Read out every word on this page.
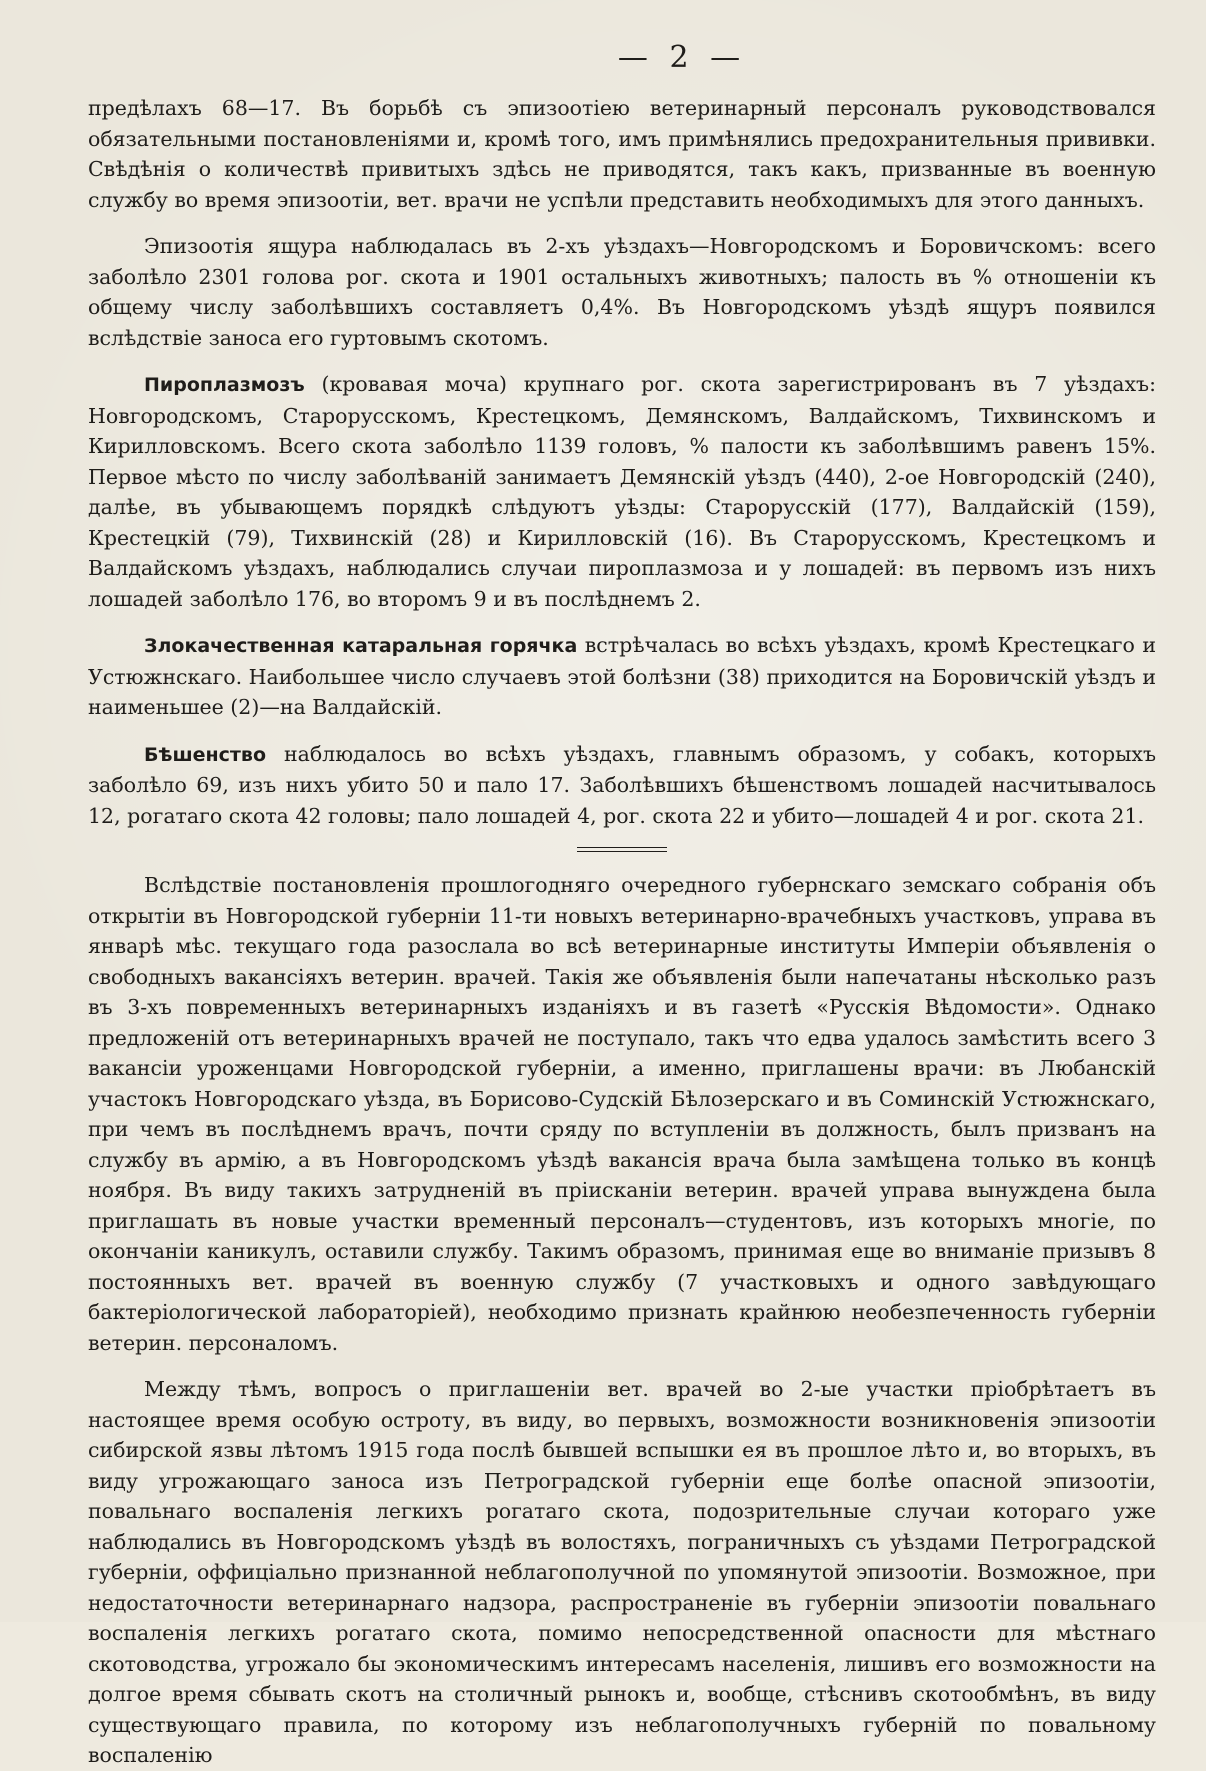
— 2 —

предѣлахъ 68—17. Въ борьбѣ съ эпизоотіею ветеринарный персоналъ руководствовался обязательными постановленіями и, кромѣ того, имъ примѣнялись предохранительныя прививки. Свѣдѣнія о количествѣ привитыхъ здѣсь не приводятся, такъ какъ, призванные въ военную службу во время эпизоотіи, вет. врачи не успѣли представить необходимыхъ для этого данныхъ.

Эпизоотія ящура наблюдалась въ 2-хъ уѣздахъ—Новгородскомъ и Боровичскомъ: всего заболѣло 2301 голова рог. скота и 1901 остальныхъ животныхъ; палость въ % отношеніи къ общему числу заболѣвшихъ составляетъ 0,4%. Въ Новгородскомъ уѣздѣ ящуръ появился вслѣдствіе заноса его гуртовымъ скотомъ.

Пироплазмозъ (кровавая моча) крупнаго рог. скота зарегистрированъ въ 7 уѣздахъ: Новгородскомъ, Старорусскомъ, Крестецкомъ, Демянскомъ, Валдайскомъ, Тихвинскомъ и Кирилловскомъ. Всего скота заболѣло 1139 головъ, % палости къ заболѣвшимъ равенъ 15%. Первое мѣсто по числу заболѣваній занимаетъ Демянскій уѣздъ (440), 2-ое Новгородскій (240), далѣе, въ убывающемъ порядкѣ слѣдуютъ уѣзды: Старорусскій (177), Валдайскій (159), Крестецкій (79), Тихвинскій (28) и Кирилловскій (16). Въ Старорусскомъ, Крестецкомъ и Валдайскомъ уѣздахъ, наблюдались случаи пироплазмоза и у лошадей: въ первомъ изъ нихъ лошадей заболѣло 176, во второмъ 9 и въ послѣднемъ 2.

Злокачественная катаральная горячка встрѣчалась во всѣхъ уѣздахъ, кромѣ Крестецкаго и Устюжнскаго. Наибольшее число случаевъ этой болѣзни (38) приходится на Боровичскій уѣздъ и наименьшее (2)—на Валдайскій.

Бѣшенство наблюдалось во всѣхъ уѣздахъ, главнымъ образомъ, у собакъ, которыхъ заболѣло 69, изъ нихъ убито 50 и пало 17. Заболѣвшихъ бѣшенствомъ лошадей насчитывалось 12, рогатаго скота 42 головы; пало лошадей 4, рог. скота 22 и убито—лошадей 4 и рог. скота 21.

Вслѣдствіе постановленія прошлогодняго очередного губернскаго земскаго собранія объ открытіи въ Новгородской губерніи 11-ти новыхъ ветеринарно-врачебныхъ участковъ, управа въ январѣ мѣс. текущаго года разослала во всѣ ветеринарные институты Имперіи объявленія о свободныхъ вакансіяхъ ветерин. врачей. Такія же объявленія были напечатаны нѣсколько разъ въ 3-хъ повременныхъ ветеринарныхъ изданіяхъ и въ газетѣ «Русскія Вѣдомости». Однако предложеній отъ ветеринарныхъ врачей не поступало, такъ что едва удалось замѣстить всего 3 вакансіи уроженцами Новгородской губерніи, а именно, приглашены врачи: въ Любанскій участокъ Новгородскаго уѣзда, въ Борисово-Судскій Бѣлозерскаго и въ Соминскій Устюжнскаго, при чемъ въ послѣднемъ врачъ, почти сряду по вступленіи въ должность, былъ призванъ на службу въ армію, а въ Новгородскомъ уѣздѣ вакансія врача была замѣщена только въ концѣ ноября. Въ виду такихъ затрудненій въ пріисканіи ветерин. врачей управа вынуждена была приглашать въ новые участки временный персоналъ—студентовъ, изъ которыхъ многіе, по окончаніи каникулъ, оставили службу. Такимъ образомъ, принимая еще во вниманіе призывъ 8 постоянныхъ вет. врачей въ военную службу (7 участковыхъ и одного завѣдующаго бактеріологической лабораторіей), необходимо признать крайнюю необезпеченность губерніи ветерин. персоналомъ.

Между тѣмъ, вопросъ о приглашеніи вет. врачей во 2-ые участки пріобрѣтаетъ въ настоящее время особую остроту, въ виду, во первыхъ, возможности возникновенія эпизоотіи сибирской язвы лѣтомъ 1915 года послѣ бывшей вспышки ея въ прошлое лѣто и, во вторыхъ, въ виду угрожающаго заноса изъ Петроградской губерніи еще болѣе опасной эпизоотіи, повальнаго воспаленія легкихъ рогатаго скота, подозрительные случаи котораго уже наблюдались въ Новгородскомъ уѣздѣ въ волостяхъ, пограничныхъ съ уѣздами Петроградской губерніи, оффиціально признанной неблагополучной по упомянутой эпизоотіи. Возможное, при недостаточности ветеринарнаго надзора, распространеніе въ губерніи эпизоотіи повальнаго воспаленія легкихъ рогатаго скота, помимо непосредственной опасности для мѣстнаго скотоводства, угрожало бы экономическимъ интересамъ населенія, лишивъ его возможности на долгое время сбывать скотъ на столичный рынокъ и, вообще, стѣснивъ скотообмѣнъ, въ виду существующаго правила, по которому изъ неблагополучныхъ губерній по повальному воспаленію
